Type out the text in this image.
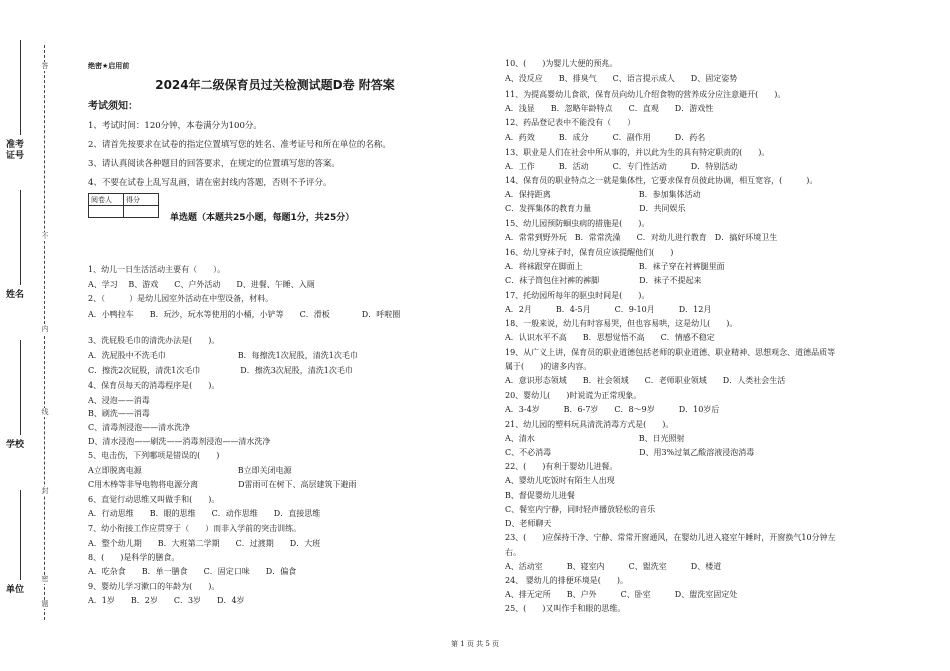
准考证号
姓名
学校
单位
答
不
内
线
封
密
题
绝密★启用前
2024年二级保育员过关检测试题D卷 附答案
考试须知：
1、考试时间：120分钟，本卷满分为100分。
2、请首先按要求在试卷的指定位置填写您的姓名、准考证号和所在单位的名称。
3、请认真阅读各种题目的回答要求，在规定的位置填写您的答案。
4、不要在试卷上乱写乱画，请在密封线内答题，否则不予评分。
阅卷人	得分

单选题（本题共25小题，每题1分，共25分）
1、幼儿一日生活活动主要有（　　）。
A、学习　 B、游戏　　C、户外活动　　D、进餐、午睡、入厕
2、（　　　）是幼儿园室外活动在中型设备，材料。
A．小鸭拉车　　B．玩沙，玩水等使用的小桶，小铲等　　C．滑板　　　　D．呼啦圈
3、洗屁股毛巾的清洗办法是(　　)。
A．洗屁股中不洗毛巾　　　　　　　　　B．每擦洗1次屁股，清洗1次毛巾
C．擦洗2次屁股，清洗1次毛巾　　　　　D．擦洗3次屁股，清洗1次毛巾
4、保育员每天的消毒程序是(　　)。
A、浸泡——消毒
B、刷洗——消毒
C、清毒剂浸泡——清水洗净
D、清水浸泡——刷洗——消毒剂浸泡——清水洗净
5、电击伤，下列哪项是错误的(　　)
A立即脱离电源　　　　　　　　　　　　B立即关闭电源
C用木棒等非导电物将电源分离　　　　　D雷雨可在树下、高层建筑下避雨
6、直觉行动思维又叫做手和(　　)。
A．行动思维　　B．眼的思维　　C．动作思维　　D．直接思维
7、幼小衔接工作应贯穿于（　　）而非入学前的突击训练。
A．整个幼儿期　　B．大班第二学期　　C．过渡期　　D．大班
8、(　　)是科学的膳食。
A．吃杂食　　B．单一膳食　　C．固定口味　　D．偏食
9、婴幼儿学习漱口的年龄为(　　)。
A．1岁　　B．2岁　　C．3岁　　D．4岁
10、(　　)为婴儿大便的预兆。
A、没反应　　B、排臭气　　C、语言提示成人　　D、固定姿势
11、为提高婴幼儿食欲，保育员向幼儿介绍食物的营养成分应注意避开(　　)。
A．浅显　　B．忽略年龄特点　　C．直观　　D．游戏性
12、药品登记表中不能没有（　　）
A．药效　　　B．成分　　　C．副作用　　　D．药名
13、职业是人们在社会中所从事的，并以此为生的具有特定职责的(　　)。
A．工作　　　B．活动　　　C．专门性活动　　　D．特别活动
14、保育员的职业特点之一就是集体性，它要求保育员彼此协调，相互宽容，(　　　)。
A．保持距离　　　　　　　　　　　B．参加集体活动
C．发挥集体的教育力量　　　　　　D．共同娱乐
15、幼儿园预防蛔虫病的措施是(　　)。
A．常常到野外玩　B．常常洗澡　　C．对幼儿进行教育　D．搞好环境卫生
16、幼儿穿袜子时，保育员应该提醒他们(　　)
A．将袜跟穿在脚面上　　　　　　　B．袜子穿在衬裤腿里面
C．袜子筒包住衬裤的裤脚　　　　　D．袜子不提起来
17、托幼园所每年的驱虫时间是(　　)。
A．2月　　　B．4-5月　　　C．9-10月　　　D．12月
18、一般来说，幼儿有时容易哭，但也容易哄，这是幼儿(　　)。
A．认识水平不高　　B．思想觉悟不高　　C．情感不稳定
19、从广义上讲，保育员的职业道德包括老师的职业道德、职业精神、思想观念、道德品质等
属于(　　)的诸多内容。
A．意识形态领域　　B．社会领域　　C．老师职业领域　　D．人类社会生活
20、婴幼儿(　　)时说谎为正常现象。
A．3-4岁　　　B．6-7岁　　C．8～9岁　　　D．10岁后
21、幼儿园的塑料玩具清洗消毒方式是(　　)。
A、清水　　　　　　　　　　　　　B、日光照射
C、不必消毒　　　　　　　　　　　D、用3%过氧乙酸溶液浸泡消毒
22、(　　)有利于婴幼儿进餐。
A、婴幼儿吃饭时有陌生人出现
B、督促婴幼儿进餐
C、餐室内宁静，同时轻声播放轻松的音乐
D、老师聊天
23、(　　)应保持干净、宁静、常常开窗通风，在婴幼儿进入寝室午睡时，开窗换气10分钟左
右。
A、活动室　　　B、寝室内　　　C、盥洗室　　　D、楼道
24、 婴幼儿的排便环境是(　　)。
A、排无定所　　B、户外　　　C、卧室　　　D、盥洗室固定处
25、(　　)又叫作手和眼的思维。
第 1 页 共 5 页
